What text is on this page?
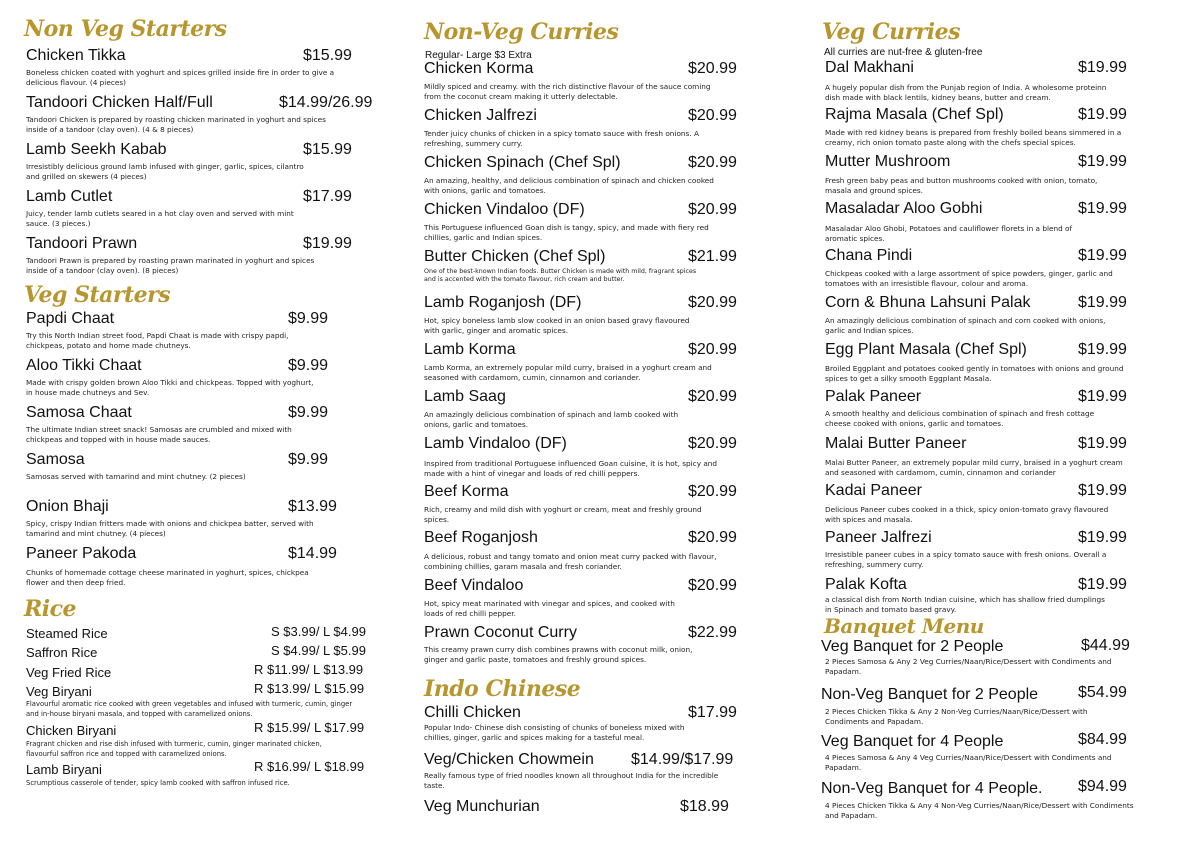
Non Veg Starters
Chicken Tikka	$15.99
Boneless chicken coated with yoghurt and spices grilled inside fire in order to give a delicious flavour. (4 pieces)
Tandoori Chicken Half/Full	$14.99/26.99
Tandoori Chicken is prepared by roasting chicken marinated in yoghurt and spices inside of a tandoor (clay oven). (4 & 8 pieces)
Lamb Seekh Kabab	$15.99
Irresistibly delicious ground lamb infused with ginger, garlic, spices, cilantro and grilled on skewers (4 pieces)
Lamb Cutlet	$17.99
Juicy, tender lamb cutlets seared in a hot clay oven and served with mint sauce. (3 pieces.)
Tandoori Prawn	$19.99
Tandoori Prawn is prepared by roasting prawn marinated in yoghurt and spices inside of a tandoor (clay oven). (8 pieces)
Veg Starters
Papdi Chaat	$9.99
Try this North Indian street food, Papdi Chaat is made with crispy papdi, chickpeas, potato and home made chutneys.
Aloo Tikki Chaat	$9.99
Made with crispy golden brown Aloo Tikki and chickpeas. Topped with yoghurt, in house made chutneys and Sev.
Samosa Chaat	$9.99
The ultimate Indian street snack! Samosas are crumbled and mixed with chickpeas and topped with in house made sauces.
Samosa	$9.99
Samosas served with tamarind and mint chutney. (2 pieces)
Onion Bhaji	$13.99
Spicy, crispy Indian fritters made with onions and chickpea batter, served with tamarind and mint chutney. (4 pieces)
Paneer Pakoda	$14.99
Chunks of homemade cottage cheese marinated in yoghurt, spices, chickpea flower and then deep fried.
Rice
Steamed Rice	S $3.99/ L $4.99
Saffron Rice	S $4.99/ L $5.99
Veg Fried Rice	R $11.99/ L $13.99
Veg Biryani	R $13.99/ L $15.99
Flavourful aromatic rice cooked with green vegetables and infused with turmeric, cumin, ginger and in-house biryani masala, and topped with caramelized onions.
Chicken Biryani	R $15.99/ L $17.99
Fragrant chicken and rise dish infused with turmeric, cumin, ginger marinated chicken, flavourful saffron rice and topped with caramelized onions.
Lamb Biryani	R $16.99/ L $18.99
Scrumptious casserole of tender, spicy lamb cooked with saffron infused rice.
Non-Veg Curries
Regular- Large $3 Extra
Chicken Korma	$20.99
Mildly spiced and creamy. with the rich distinctive flavour of the sauce coming from the coconut cream making it utterly delectable.
Chicken Jalfrezi	$20.99
Tender juicy chunks of chicken in a spicy tomato sauce with fresh onions. A refreshing, summery curry.
Chicken Spinach (Chef Spl)	$20.99
An amazing, healthy, and delicious combination of spinach and chicken cooked with onions, garlic and tomatoes.
Chicken Vindaloo (DF)	$20.99
This Portuguese influenced Goan dish is tangy, spicy, and made with fiery red chillies, garlic and Indian spices.
Butter Chicken (Chef Spl)	$21.99
One of the best-known Indian foods. Butter Chicken is made with mild, fragrant spices and is accented with the tomato flavour, rich cream and butter.
Lamb Roganjosh (DF)	$20.99
Hot, spicy boneless lamb slow cooked in an onion based gravy flavoured with garlic, ginger and aromatic spices.
Lamb Korma	$20.99
Lamb Korma, an extremely popular mild curry, braised in a yoghurt cream and seasoned with cardamom, cumin, cinnamon and coriander.
Lamb Saag	$20.99
An amazingly delicious combination of spinach and lamb cooked with onions, garlic and tomatoes.
Lamb Vindaloo (DF)	$20.99
Inspired from traditional Portuguese influenced Goan cuisine, it is hot, spicy and made with a hint of vinegar and loads of red chilli peppers.
Beef Korma	$20.99
Rich, creamy and mild dish with yoghurt or cream, meat and freshly ground spices.
Beef Roganjosh	$20.99
A delicious, robust and tangy tomato and onion meat curry packed with flavour, combining chillies, garam masala and fresh coriander.
Beef Vindaloo	$20.99
Hot, spicy meat marinated with vinegar and spices, and cooked with loads of red chilli pepper.
Prawn Coconut Curry	$22.99
This creamy prawn curry dish combines prawns with coconut milk, onion, ginger and garlic paste, tomatoes and freshly ground spices.
Indo Chinese
Chilli Chicken	$17.99
Popular Indo- Chinese dish consisting of chunks of boneless mixed with chillies, ginger, garlic and spices making for a tasteful meal.
Veg/Chicken Chowmein $14.99/$17.99
Really famous type of fried noodles known all throughout India for the incredible taste.
Veg Munchurian	$18.99
Veg Curries
All curries are nut-free & gluten-free
Dal Makhani	$19.99
A hugely popular dish from the Punjab region of India. A wholesome proteinn dish made with black lentils, kidney beans, butter and cream.
Rajma Masala (Chef Spl)	$19.99
Made with red kidney beans is prepared from freshly boiled beans simmered in a creamy, rich onion tomato paste along with the chefs special spices.
Mutter Mushroom	$19.99
Fresh green baby peas and button mushrooms cooked with onion, tomato, masala and ground spices.
Masaladar Aloo Gobhi	$19.99
Masaladar Aloo Ghobi, Potatoes and cauliflower florets in a blend of aromatic spices.
Chana Pindi	$19.99
Chickpeas cooked with a large assortment of spice powders, ginger, garlic and tomatoes with an irresistible flavour, colour and aroma.
Corn & Bhuna Lahsuni Palak	$19.99
An amazingly delicious combination of spinach and corn cooked with onions, garlic and Indian spices.
Egg Plant Masala (Chef Spl)	$19.99
Broiled Eggplant and potatoes cooked gently in tomatoes with onions and ground spices to get a silky smooth Eggplant Masala.
Palak Paneer	$19.99
A smooth healthy and delicious combination of spinach and fresh cottage cheese cooked with onions, garlic and tomatoes.
Malai Butter Paneer	$19.99
Malai Butter Paneer, an extremely popular mild curry, braised in a yoghurt cream and seasoned with cardamom, cumin, cinnamon and coriander
Kadai Paneer	$19.99
Delicious Paneer cubes cooked in a thick, spicy onion-tomato gravy flavoured with spices and masala.
Paneer Jalfrezi	$19.99
Irresistible paneer cubes in a spicy tomato sauce with fresh onions. Overall a refreshing, summery curry.
Palak Kofta	$19.99
a classical dish from North Indian cuisine, which has shallow fried dumplings in Spinach and tomato based gravy.
Banquet Menu
Veg Banquet for 2 People	$44.99
2 Pieces Samosa & Any 2 Veg Curries/Naan/Rice/Dessert with Condiments and Papadam.
Non-Veg Banquet for 2 People $54.99
2 Pieces Chicken Tikka & Any 2 Non-Veg Curries/Naan/Rice/Dessert with Condiments and Papadam.
Veg Banquet for 4 People	$84.99
4 Pieces Samosa & Any 4 Veg Curries/Naan/Rice/Dessert with Condiments and Papadam.
Non-Veg Banquet for 4 People. $94.99
4 Pieces Chicken Tikka & Any 4 Non-Veg Curries/Naan/Rice/Dessert with Condiments and Papadam.
